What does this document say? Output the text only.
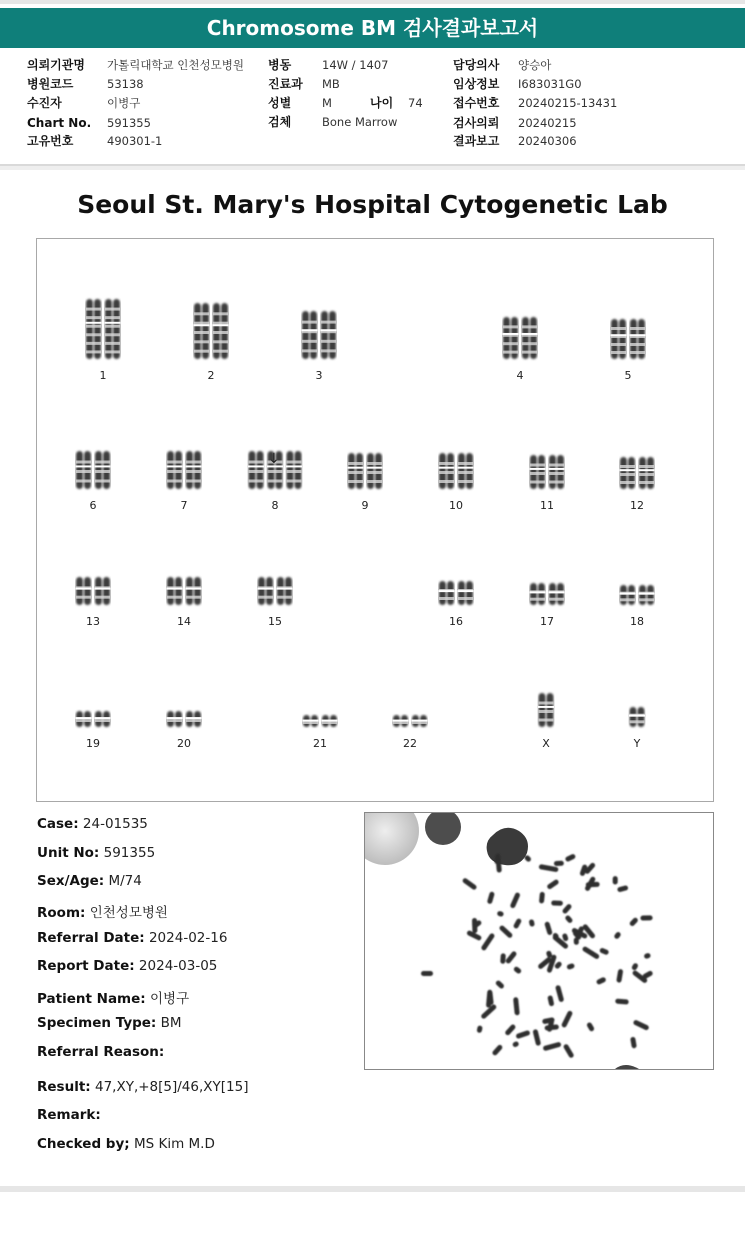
Chromosome BM 검사결과보고서
의뢰기관명 가톨릭대학교 인천성모병원
병원코드	53138
수진자	이병구
Chart No. 591355
고유번호	490301-1
병동	14W / 1407
진료과 MB
성별	M
검체	Bone Marrow
나이 74
담당의사 양승아
임상정보 I683031G0
접수번호 20240215-13431
검사의뢰 20240215
결과보고 20240306
Seoul St. Mary's Hospital Cytogenetic Lab
1	2	3	4	5
6	7	8	9	10	11	12
13	14	15	16	17	18
19	20	21	22	X	Y
↓
Case: 24-01535
Unit No: 591355
Sex/Age: M/74
Room: 인천성모병원
Referral Date: 2024-02-16
Report Date: 2024-03-05
Patient Name: 이병구
Specimen Type: BM
Referral Reason:
Result: 47,XY,+8[5]/46,XY[15]
Remark:
Checked by; MS Kim M.D
